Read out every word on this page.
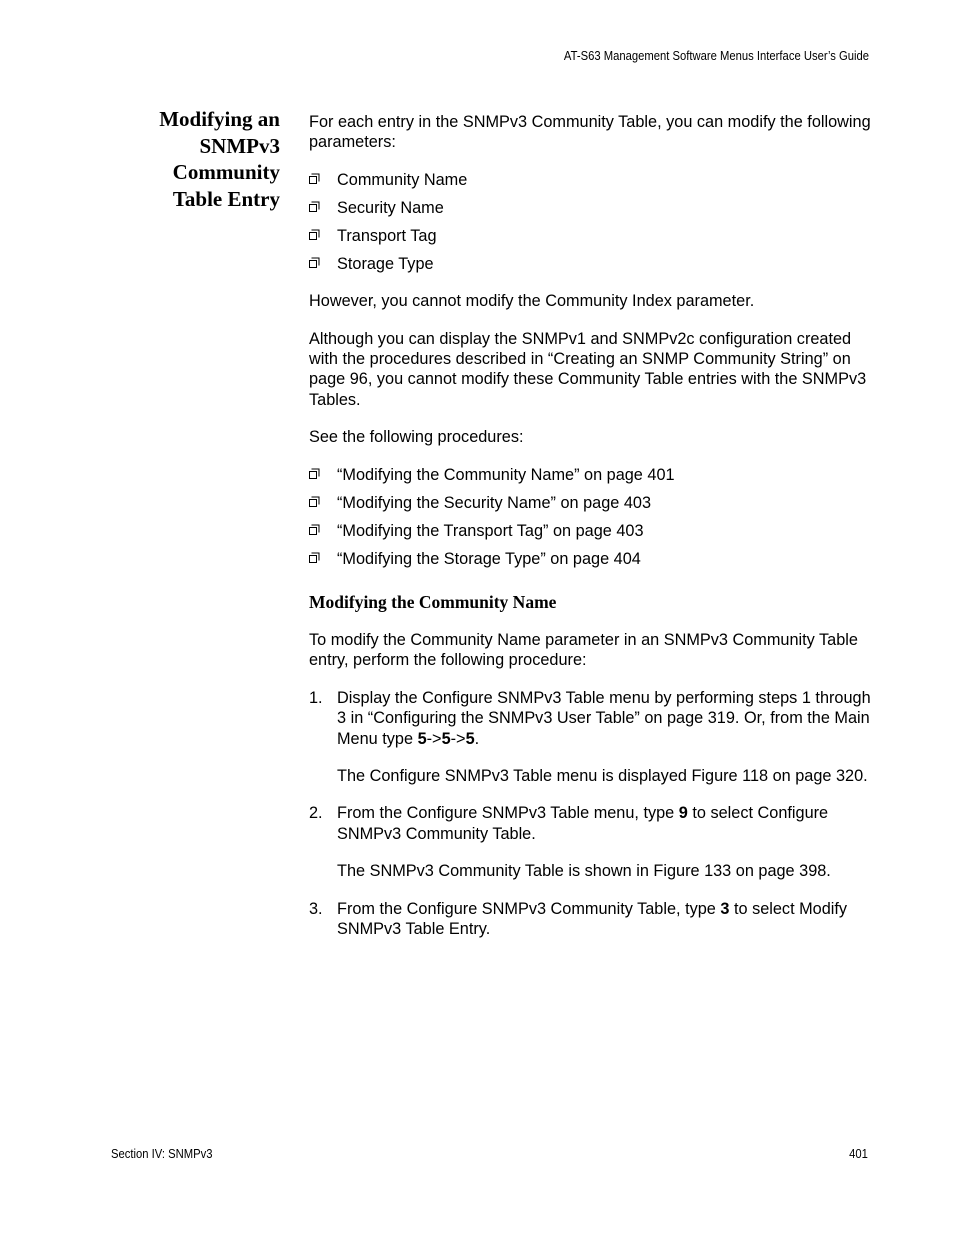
AT-S63 Management Software Menus Interface User’s Guide
Modifying an
SNMPv3
Community
Table Entry

For each entry in the SNMPv3 Community Table, you can modify the following parameters:

Community Name
Security Name
Transport Tag
Storage Type

However, you cannot modify the Community Index parameter.

Although you can display the SNMPv1 and SNMPv2c configuration created with the procedures described in “Creating an SNMP Community String” on page 96, you cannot modify these Community Table entries with the SNMPv3 Tables.

See the following procedures:

“Modifying the Community Name” on page 401
“Modifying the Security Name” on page 403
“Modifying the Transport Tag” on page 403
“Modifying the Storage Type” on page 404
Modifying the Community Name

To modify the Community Name parameter in an SNMPv3 Community Table entry, perform the following procedure:

1. Display the Configure SNMPv3 Table menu by performing steps 1 through 3 in “Configuring the SNMPv3 User Table” on page 319. Or, from the Main Menu type 5->5->5.

The Configure SNMPv3 Table menu is displayed Figure 118 on page 320.

2. From the Configure SNMPv3 Table menu, type 9 to select Configure SNMPv3 Community Table.

The SNMPv3 Community Table is shown in Figure 133 on page 398.

3. From the Configure SNMPv3 Community Table, type 3 to select Modify SNMPv3 Table Entry.

Section IV: SNMPv3	401
